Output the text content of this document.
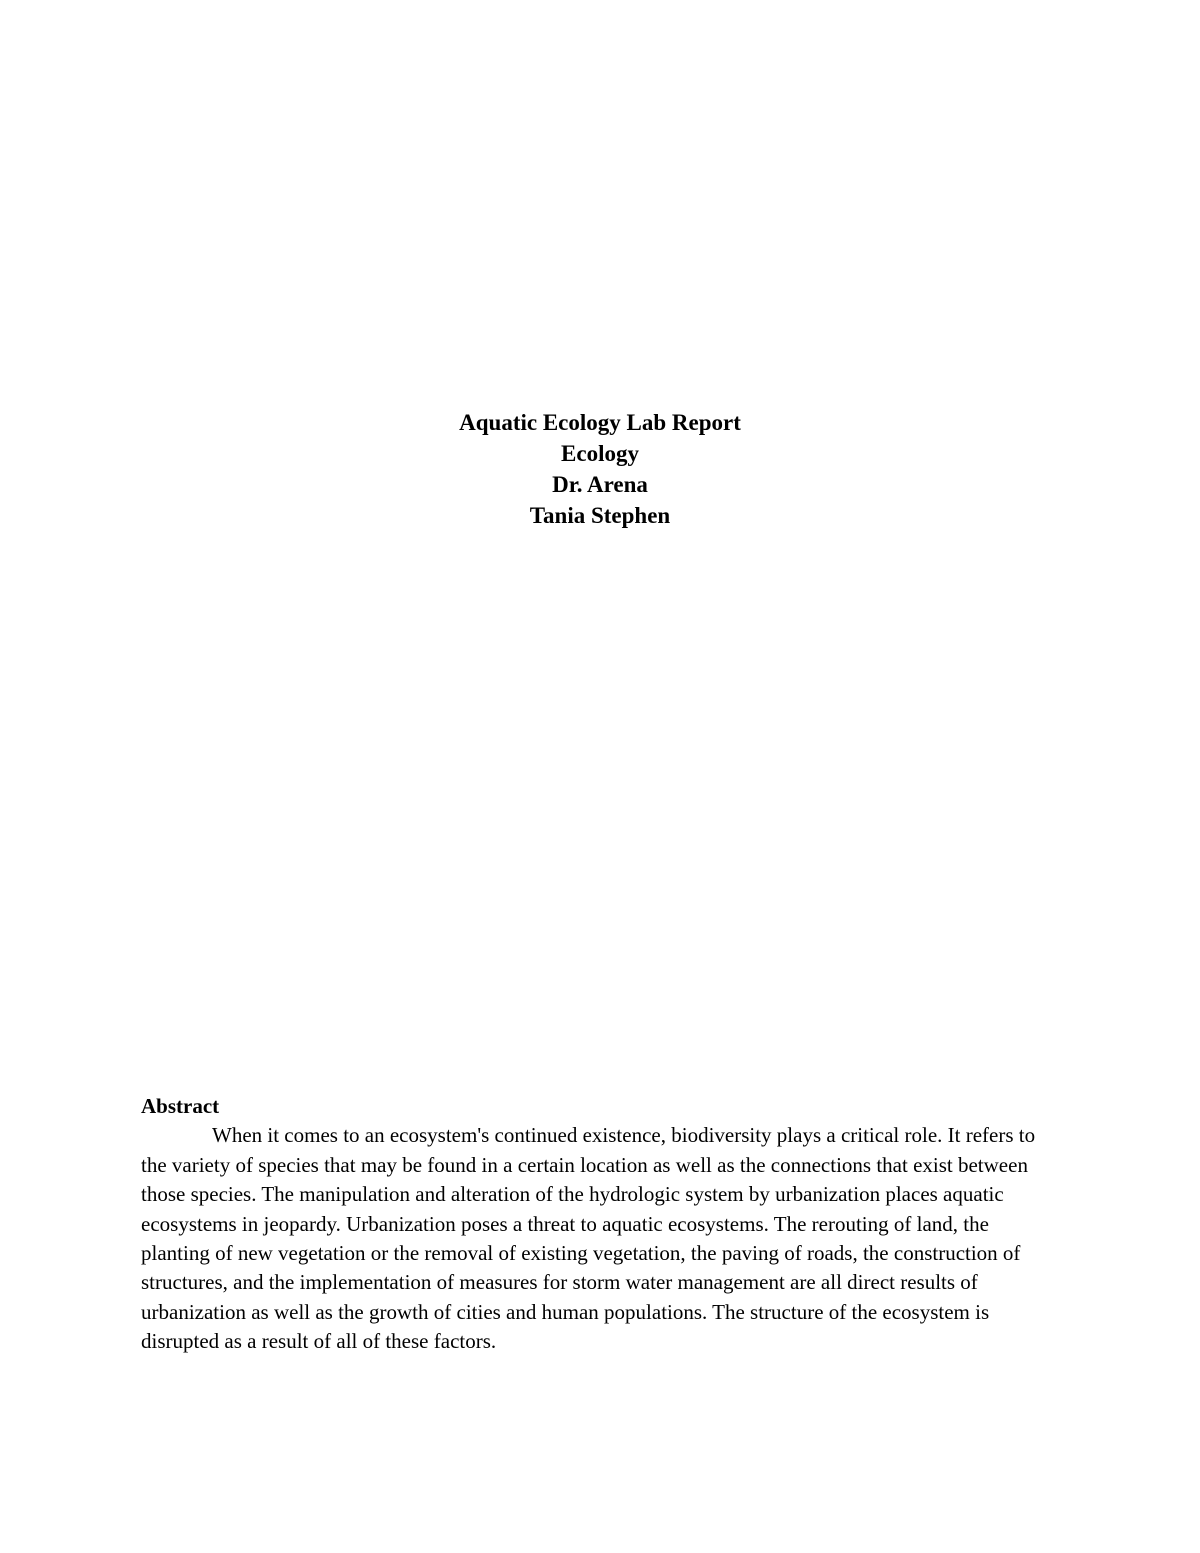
Aquatic Ecology Lab Report
Ecology
Dr. Arena
Tania Stephen
Abstract

When it comes to an ecosystem's continued existence, biodiversity plays a critical role. It refers to the variety of species that may be found in a certain location as well as the connections that exist between those species. The manipulation and alteration of the hydrologic system by urbanization places aquatic ecosystems in jeopardy. Urbanization poses a threat to aquatic ecosystems. The rerouting of land, the planting of new vegetation or the removal of existing vegetation, the paving of roads, the construction of structures, and the implementation of measures for storm water management are all direct results of urbanization as well as the growth of cities and human populations. The structure of the ecosystem is disrupted as a result of all of these factors.
